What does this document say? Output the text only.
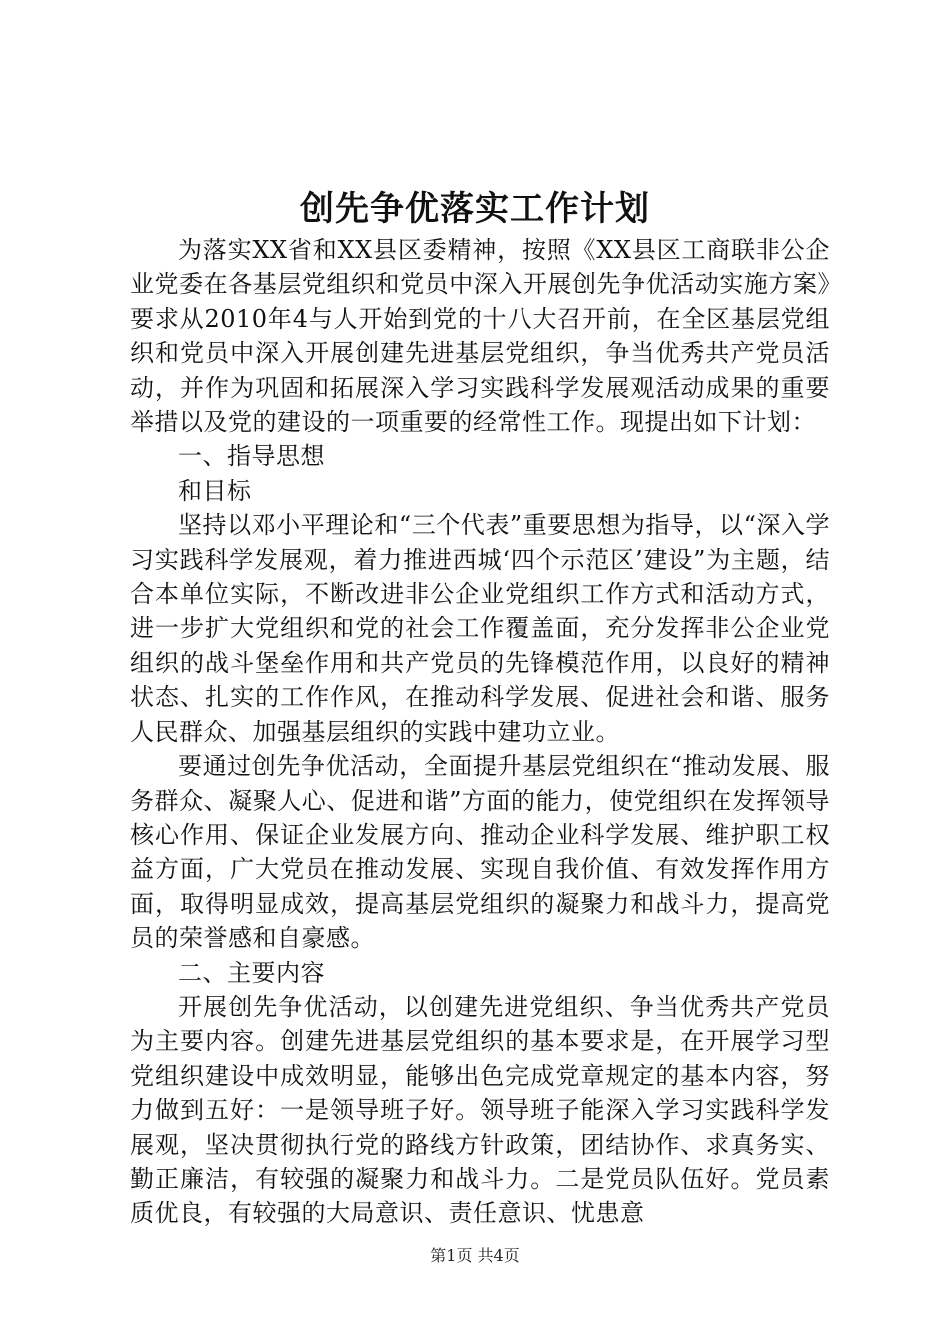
创先争优落实工作计划

为落实XX省和XX县区委精神，按照《XX县区工商联非公企业党委在各基层党组织和党员中深入开展创先争优活动实施方案》要求从2010年4与人开始到党的十八大召开前，在全区基层党组织和党员中深入开展创建先进基层党组织，争当优秀共产党员活动，并作为巩固和拓展深入学习实践科学发展观活动成果的重要举措以及党的建设的一项重要的经常性工作。现提出如下计划：

一、指导思想

和目标

坚持以邓小平理论和“三个代表”重要思想为指导，以“深入学习实践科学发展观，着力推进西城‘四个示范区’建设”为主题，结合本单位实际，不断改进非公企业党组织工作方式和活动方式，进一步扩大党组织和党的社会工作覆盖面，充分发挥非公企业党组织的战斗堡垒作用和共产党员的先锋模范作用，以良好的精神状态、扎实的工作作风，在推动科学发展、促进社会和谐、服务人民群众、加强基层组织的实践中建功立业。

要通过创先争优活动，全面提升基层党组织在“推动发展、服务群众、凝聚人心、促进和谐”方面的能力，使党组织在发挥领导核心作用、保证企业发展方向、推动企业科学发展、维护职工权益方面，广大党员在推动发展、实现自我价值、有效发挥作用方面，取得明显成效，提高基层党组织的凝聚力和战斗力，提高党员的荣誉感和自豪感。

二、主要内容

开展创先争优活动，以创建先进党组织、争当优秀共产党员为主要内容。创建先进基层党组织的基本要求是，在开展学习型党组织建设中成效明显，能够出色完成党章规定的基本内容，努力做到五好：一是领导班子好。领导班子能深入学习实践科学发展观，坚决贯彻执行党的路线方针政策，团结协作、求真务实、勤正廉洁，有较强的凝聚力和战斗力。二是党员队伍好。党员素质优良，有较强的大局意识、责任意识、忧患意

第1页 共4页
